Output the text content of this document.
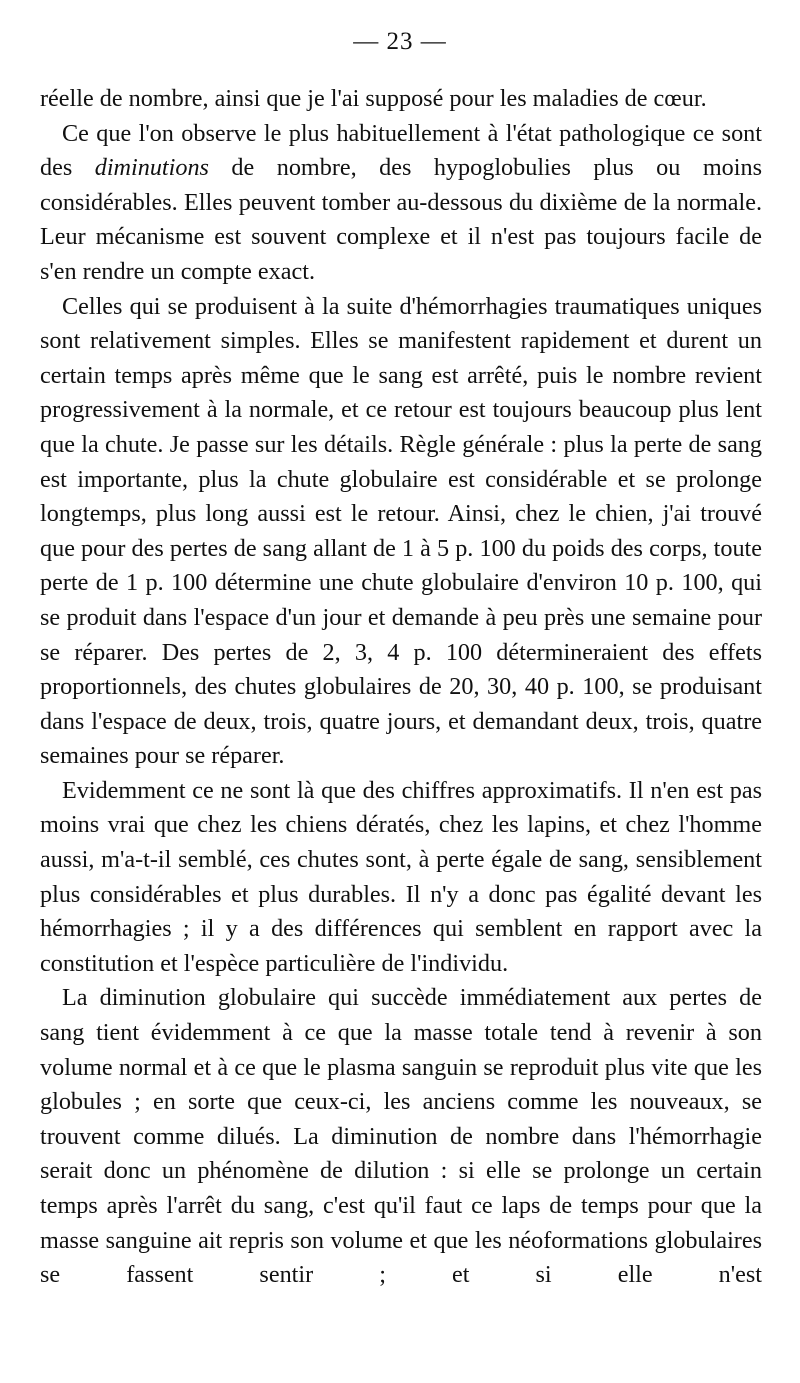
— 23 —

réelle de nombre, ainsi que je l'ai supposé pour les maladies de cœur.

Ce que l'on observe le plus habituellement à l'état pathologique ce sont des diminutions de nombre, des hypoglobulies plus ou moins considérables. Elles peuvent tomber au-dessous du dixième de la normale. Leur mécanisme est souvent complexe et il n'est pas toujours facile de s'en rendre un compte exact.

Celles qui se produisent à la suite d'hémorrhagies traumatiques uniques sont relativement simples. Elles se manifestent rapidement et durent un certain temps après même que le sang est arrêté, puis le nombre revient progressivement à la normale, et ce retour est toujours beaucoup plus lent que la chute. Je passe sur les détails. Règle générale : plus la perte de sang est importante, plus la chute globulaire est considérable et se prolonge longtemps, plus long aussi est le retour. Ainsi, chez le chien, j'ai trouvé que pour des pertes de sang allant de 1 à 5 p. 100 du poids des corps, toute perte de 1 p. 100 détermine une chute globulaire d'environ 10 p. 100, qui se produit dans l'espace d'un jour et demande à peu près une semaine pour se réparer. Des pertes de 2, 3, 4 p. 100 détermineraient des effets proportionnels, des chutes globulaires de 20, 30, 40 p. 100, se produisant dans l'espace de deux, trois, quatre jours, et demandant deux, trois, quatre semaines pour se réparer.

Evidemment ce ne sont là que des chiffres approximatifs. Il n'en est pas moins vrai que chez les chiens dératés, chez les lapins, et chez l'homme aussi, m'a-t-il semblé, ces chutes sont, à perte égale de sang, sensiblement plus considérables et plus durables. Il n'y a donc pas égalité devant les hémorrhagies ; il y a des différences qui semblent en rapport avec la constitution et l'espèce particulière de l'individu.

La diminution globulaire qui succède immédiatement aux pertes de sang tient évidemment à ce que la masse totale tend à revenir à son volume normal et à ce que le plasma sanguin se reproduit plus vite que les globules ; en sorte que ceux-ci, les anciens comme les nouveaux, se trouvent comme dilués. La diminution de nombre dans l'hémorrhagie serait donc un phénomène de dilution : si elle se prolonge un certain temps après l'arrêt du sang, c'est qu'il faut ce laps de temps pour que la masse sanguine ait repris son volume et que les néoformations globulaires se fassent sentir ; et si elle n'est
